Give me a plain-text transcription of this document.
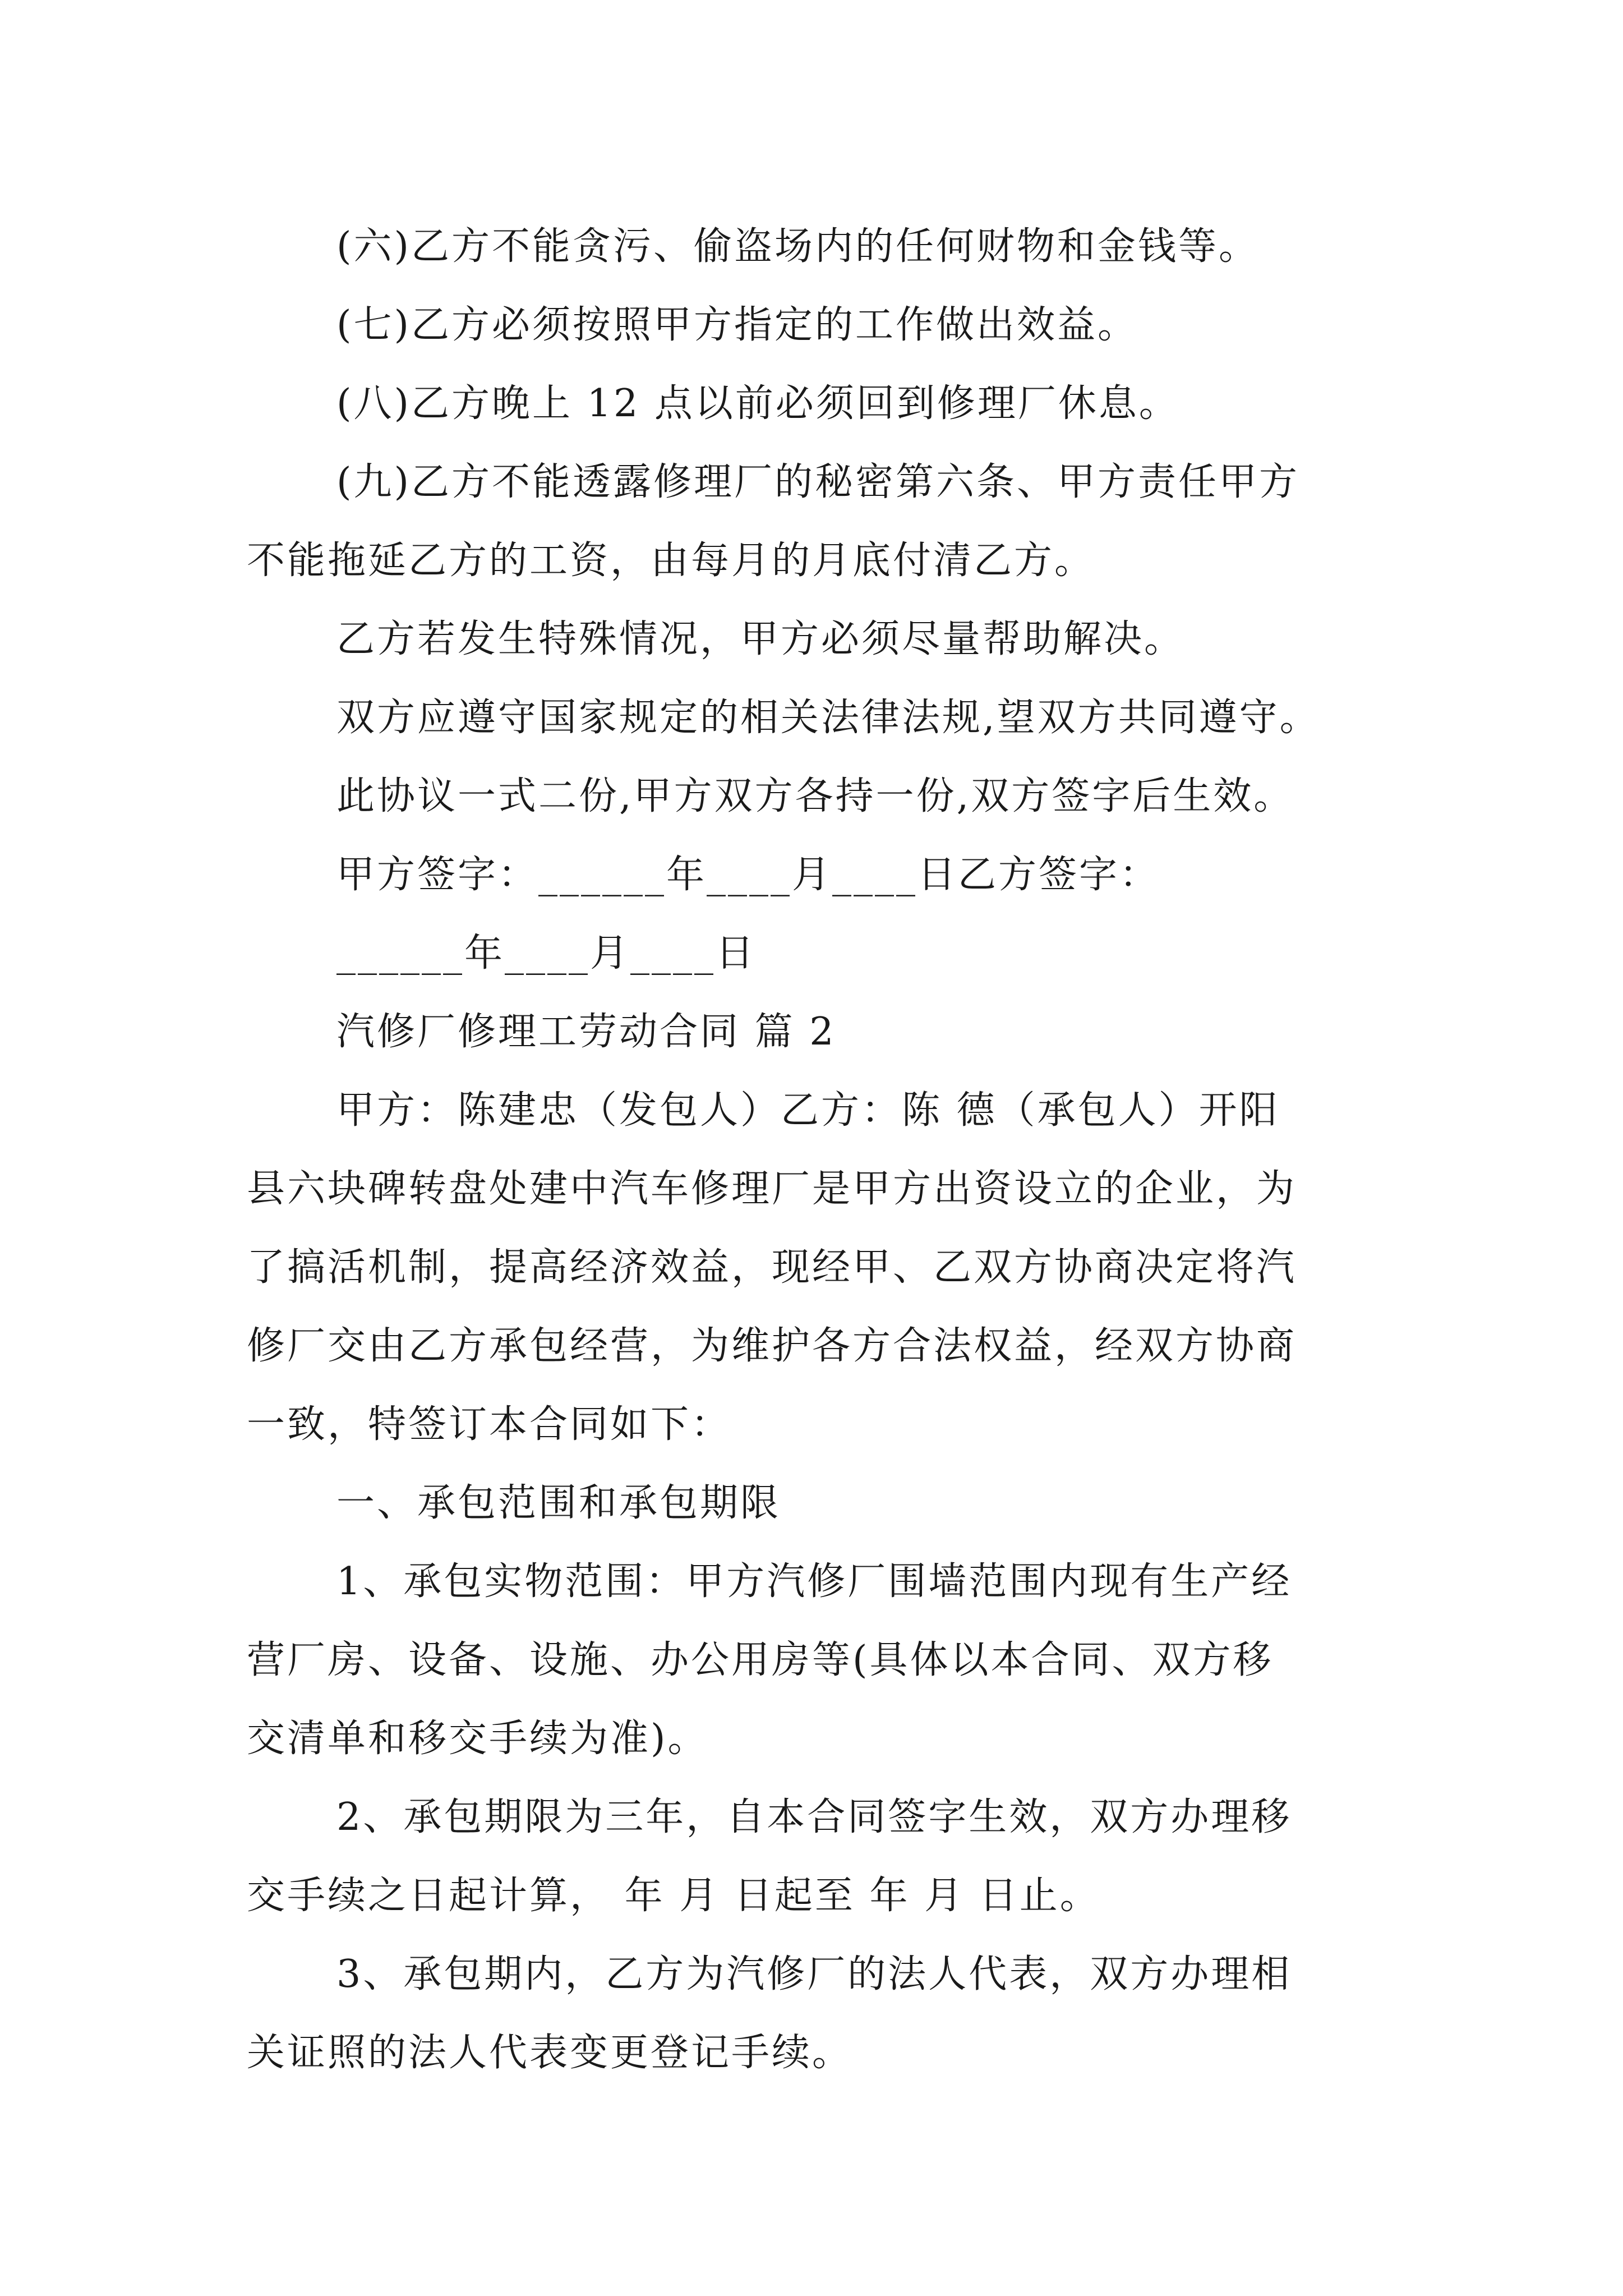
(六)乙方不能贪污、偷盗场内的任何财物和金钱等。
(七)乙方必须按照甲方指定的工作做出效益。
(八)乙方晚上 12 点以前必须回到修理厂休息。
(九)乙方不能透露修理厂的秘密第六条、甲方责任甲方
不能拖延乙方的工资，由每月的月底付清乙方。
乙方若发生特殊情况，甲方必须尽量帮助解决。
双方应遵守国家规定的相关法律法规,望双方共同遵守。
此协议一式二份,甲方双方各持一份,双方签字后生效。
甲方签字：______年____月____日乙方签字：
______年____月____日
汽修厂修理工劳动合同 篇 2
甲方：陈建忠（发包人）乙方：陈 德（承包人）开阳
县六块碑转盘处建中汽车修理厂是甲方出资设立的企业，为
了搞活机制，提高经济效益，现经甲、乙双方协商决定将汽
修厂交由乙方承包经营，为维护各方合法权益，经双方协商
一致，特签订本合同如下：
一、承包范围和承包期限
1、承包实物范围：甲方汽修厂围墙范围内现有生产经
营厂房、设备、设施、办公用房等(具体以本合同、双方移
交清单和移交手续为准)。
2、承包期限为三年，自本合同签字生效，双方办理移
交手续之日起计算， 年 月 日起至 年 月 日止。
3、承包期内，乙方为汽修厂的法人代表，双方办理相
关证照的法人代表变更登记手续。
